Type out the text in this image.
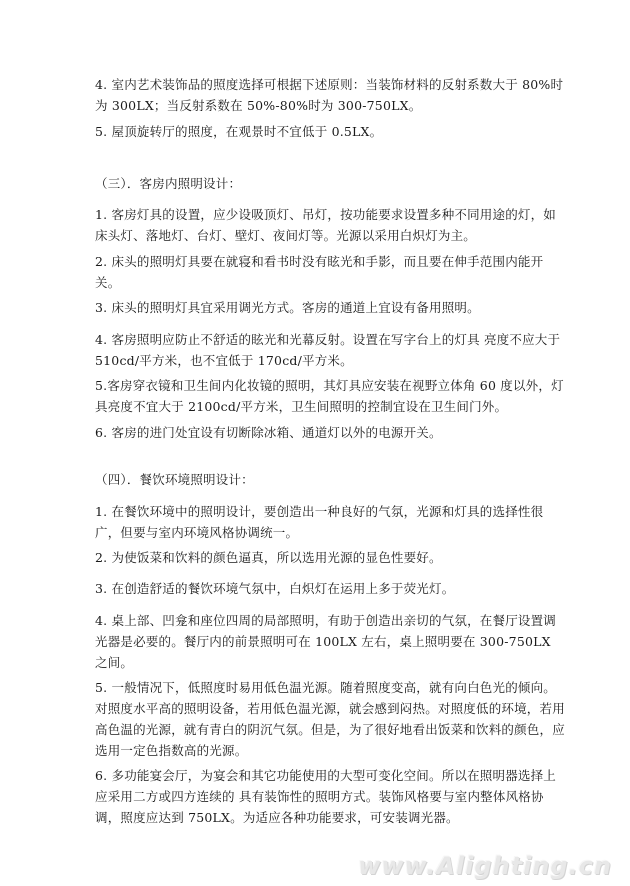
4. 室内艺术装饰品的照度选择可根据下述原则：当装饰材料的反射系数大于 80%时为 300LX；当反射系数在 50%-80%时为 300-750LX。

5. 屋顶旋转厅的照度，在观景时不宜低于 0.5LX。

（三）．客房内照明设计：

1. 客房灯具的设置，应少设吸顶灯、吊灯，按功能要求设置多种不同用途的灯，如床头灯、落地灯、台灯、壁灯、夜间灯等。光源以采用白炽灯为主。

2. 床头的照明灯具要在就寝和看书时没有眩光和手影，而且要在伸手范围内能开关。

3. 床头的照明灯具宜采用调光方式。客房的通道上宜设有备用照明。

4. 客房照明应防止不舒适的眩光和光幕反射。设置在写字台上的灯具 亮度不应大于 510cd/平方米，也不宜低于 170cd/平方米。

5.客房穿衣镜和卫生间内化妆镜的照明，其灯具应安装在视野立体角 60 度以外，灯具亮度不宜大于 2100cd/平方米，卫生间照明的控制宜设在卫生间门外。

6. 客房的进门处宜设有切断除冰箱、通道灯以外的电源开关。

（四）．餐饮环境照明设计：

1. 在餐饮环境中的照明设计，要创造出一种良好的气氛，光源和灯具的选择性很广，但要与室内环境风格协调统一。

2. 为使饭菜和饮料的颜色逼真，所以选用光源的显色性要好。

3. 在创造舒适的餐饮环境气氛中，白炽灯在运用上多于荧光灯。

4. 桌上部、凹龛和座位四周的局部照明，有助于创造出亲切的气氛，在餐厅设置调光器是必要的。餐厅内的前景照明可在 100LX 左右，桌上照明要在 300-750LX 之间。

5. 一般情况下，低照度时易用低色温光源。随着照度变高，就有向白色光的倾向。对照度水平高的照明设备，若用低色温光源，就会感到闷热。对照度低的环境，若用高色温的光源，就有青白的阴沉气氛。但是，为了很好地看出饭菜和饮料的颜色，应选用一定色指数高的光源。

6. 多功能宴会厅，为宴会和其它功能使用的大型可变化空间。所以在照明器选择上应采用二方或四方连续的 具有装饰性的照明方式。装饰风格要与室内整体风格协调，照度应达到 750LX。为适应各种功能要求，可安装调光器。

www.Alighting.cn
